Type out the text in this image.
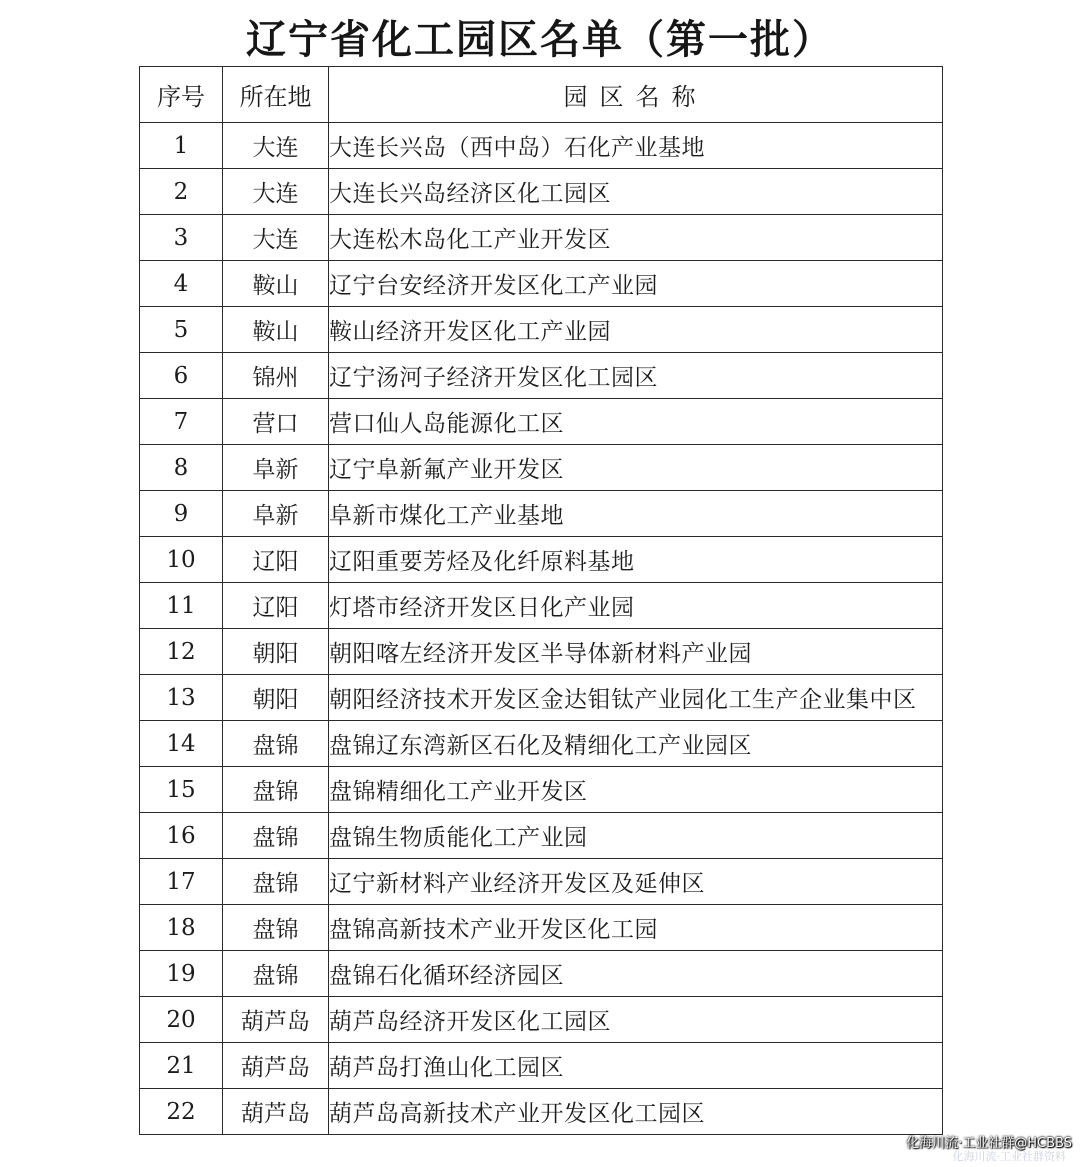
辽宁省化工园区名单（第一批）
序号	所在地	园区名称
1	大连	大连长兴岛（西中岛）石化产业基地
2	大连	大连长兴岛经济区化工园区
3	大连	大连松木岛化工产业开发区
4	鞍山	辽宁台安经济开发区化工产业园
5	鞍山	鞍山经济开发区化工产业园
6	锦州	辽宁汤河子经济开发区化工园区
7	营口	营口仙人岛能源化工区
8	阜新	辽宁阜新氟产业开发区
9	阜新	阜新市煤化工产业基地
10	辽阳	辽阳重要芳烃及化纤原料基地
11	辽阳	灯塔市经济开发区日化产业园
12	朝阳	朝阳喀左经济开发区半导体新材料产业园
13	朝阳	朝阳经济技术开发区金达钼钛产业园化工生产企业集中区
14	盘锦	盘锦辽东湾新区石化及精细化工产业园区
15	盘锦	盘锦精细化工产业开发区
16	盘锦	盘锦生物质能化工产业园
17	盘锦	辽宁新材料产业经济开发区及延伸区
18	盘锦	盘锦高新技术产业开发区化工园
19	盘锦	盘锦石化循环经济园区
20	葫芦岛	葫芦岛经济开发区化工园区
21	葫芦岛	葫芦岛打渔山化工园区
22	葫芦岛	葫芦岛高新技术产业开发区化工园区
化海川流·工业社群@HCBBS
化海川流·工业社群资料
